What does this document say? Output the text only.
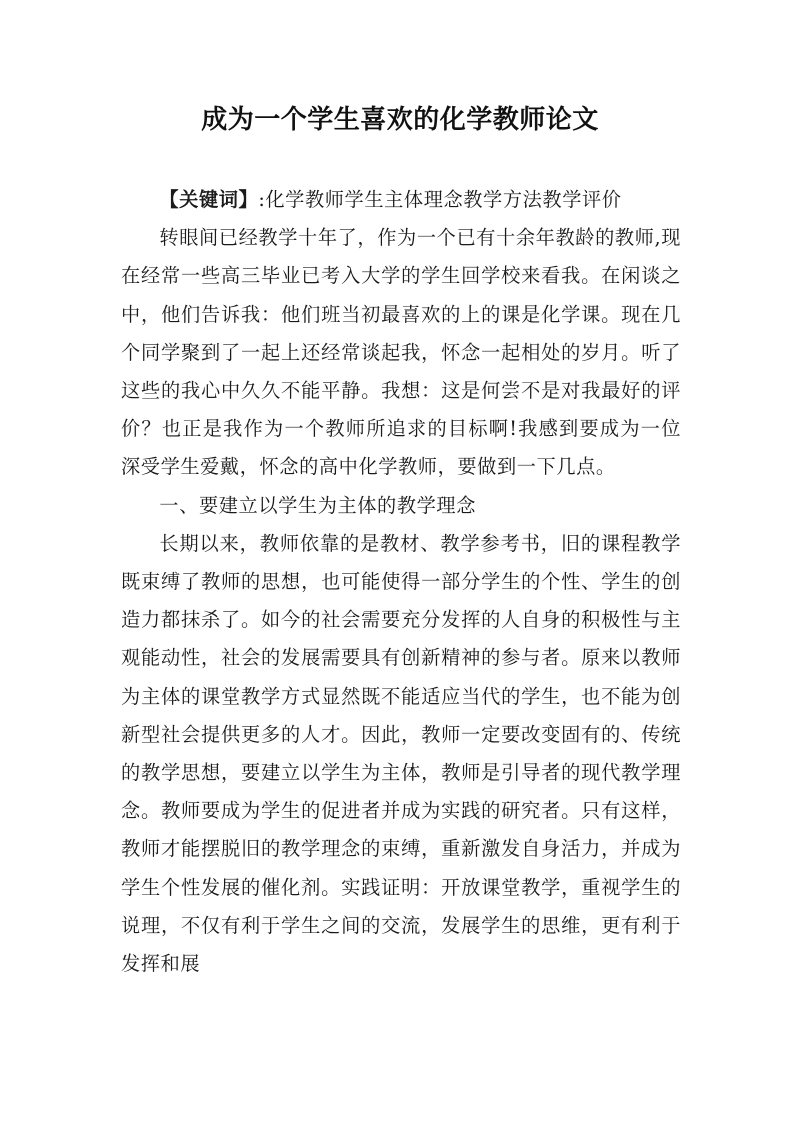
成为一个学生喜欢的化学教师论文

【关键词】:化学教师学生主体理念教学方法教学评价

转眼间已经教学十年了，作为一个已有十余年教龄的教师,现在经常一些高三毕业已考入大学的学生回学校来看我。在闲谈之中，他们告诉我：他们班当初最喜欢的上的课是化学课。现在几个同学聚到了一起上还经常谈起我，怀念一起相处的岁月。听了这些的我心中久久不能平静。我想：这是何尝不是对我最好的评价？也正是我作为一个教师所追求的目标啊!我感到要成为一位深受学生爱戴，怀念的高中化学教师，要做到一下几点。

一、要建立以学生为主体的教学理念

长期以来，教师依靠的是教材、教学参考书，旧的课程教学既束缚了教师的思想，也可能使得一部分学生的个性、学生的创造力都抹杀了。如今的社会需要充分发挥的人自身的积极性与主观能动性，社会的发展需要具有创新精神的参与者。原来以教师为主体的课堂教学方式显然既不能适应当代的学生，也不能为创新型社会提供更多的人才。因此，教师一定要改变固有的、传统的教学思想，要建立以学生为主体，教师是引导者的现代教学理念。教师要成为学生的促进者并成为实践的研究者。只有这样，教师才能摆脱旧的教学理念的束缚，重新激发自身活力，并成为学生个性发展的催化剂。实践证明：开放课堂教学，重视学生的说理，不仅有利于学生之间的交流，发展学生的思维，更有利于发挥和展
